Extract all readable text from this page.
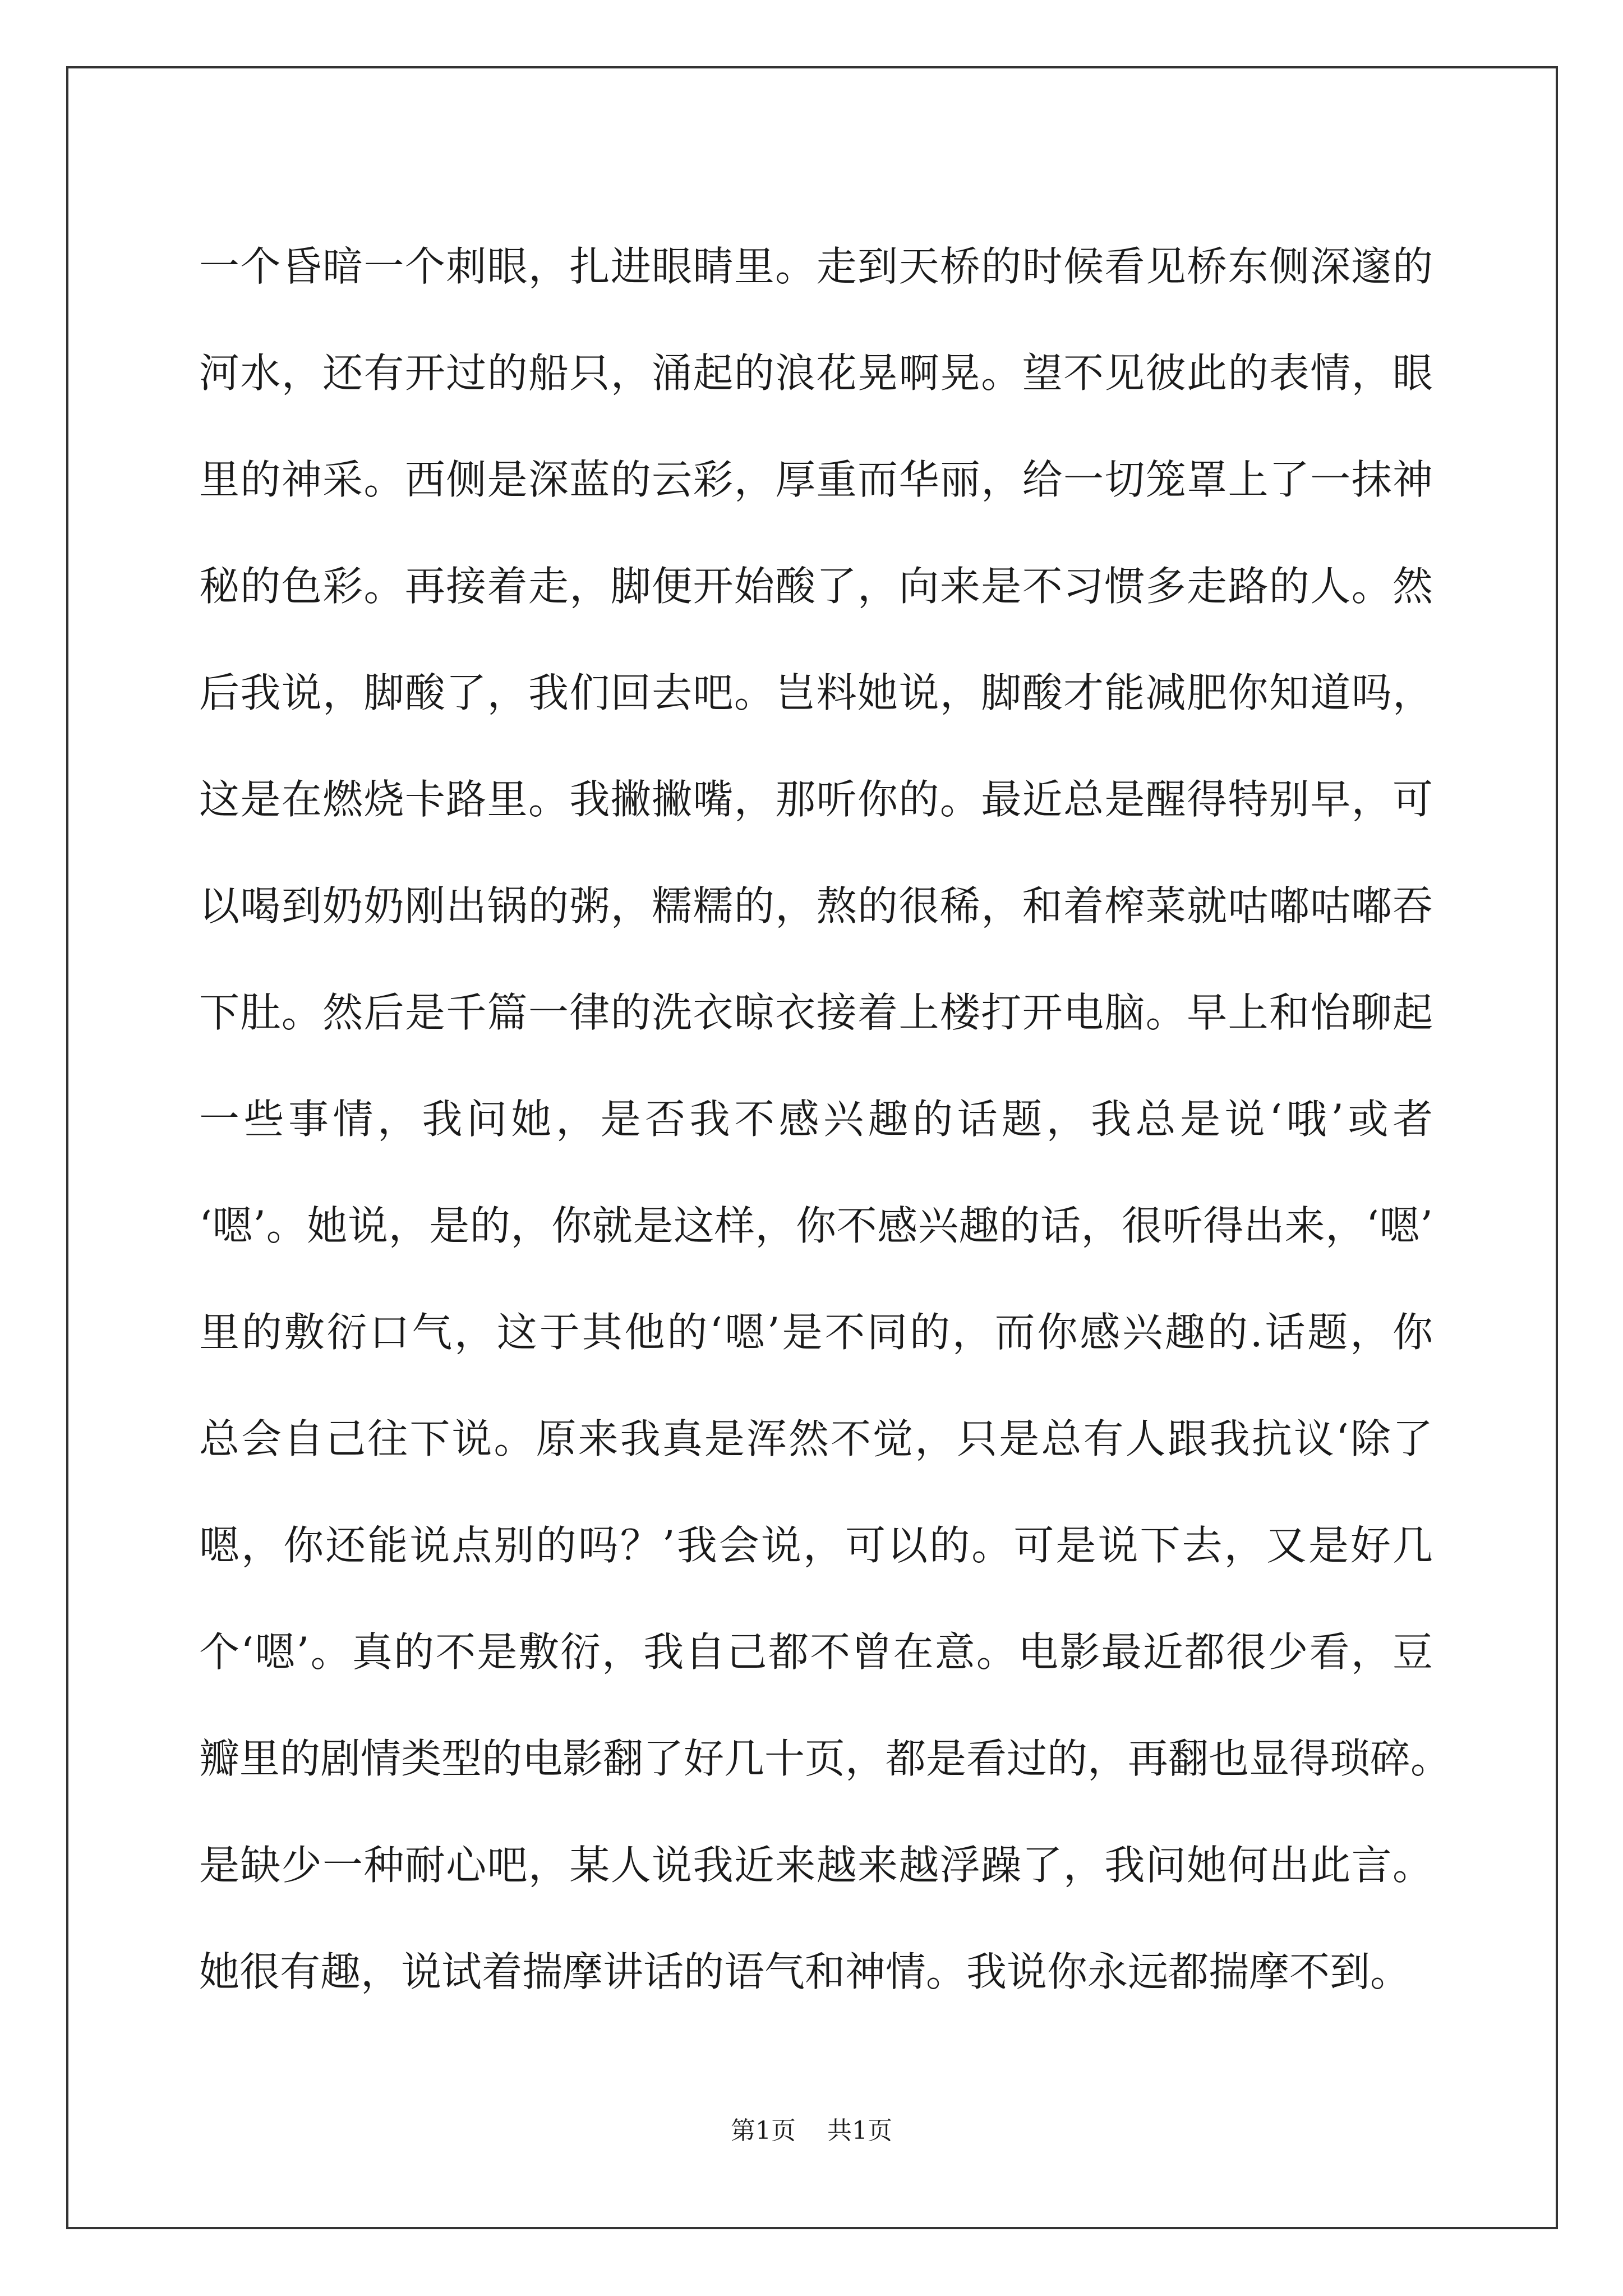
一个昏暗一个刺眼，扎进眼睛里。走到天桥的时候看见桥东侧深邃的
河水，还有开过的船只，涌起的浪花晃啊晃。望不见彼此的表情，眼
里的神采。西侧是深蓝的云彩，厚重而华丽，给一切笼罩上了一抹神
秘的色彩。再接着走，脚便开始酸了，向来是不习惯多走路的人。然
后我说，脚酸了，我们回去吧。岂料她说，脚酸才能减肥你知道吗，
这是在燃烧卡路里。我撇撇嘴，那听你的。最近总是醒得特别早，可
以喝到奶奶刚出锅的粥，糯糯的，熬的很稀，和着榨菜就咕嘟咕嘟吞
下肚。然后是千篇一律的洗衣晾衣接着上楼打开电脑。早上和怡聊起
一些事情，我问她，是否我不感兴趣的话题，我总是说‘哦’或者
‘嗯’。她说，是的，你就是这样，你不感兴趣的话，很听得出来，‘嗯’
里的敷衍口气，这于其他的‘嗯’是不同的，而你感兴趣的.话题，你
总会自己往下说。原来我真是浑然不觉，只是总有人跟我抗议‘除了
嗯，你还能说点别的吗？’我会说，可以的。可是说下去，又是好几
个‘嗯’。真的不是敷衍，我自己都不曾在意。电影最近都很少看，豆
瓣里的剧情类型的电影翻了好几十页，都是看过的，再翻也显得琐碎。
是缺少一种耐心吧，某人说我近来越来越浮躁了，我问她何出此言。
她很有趣，说试着揣摩讲话的语气和神情。我说你永远都揣摩不到。
第1页 共1页
